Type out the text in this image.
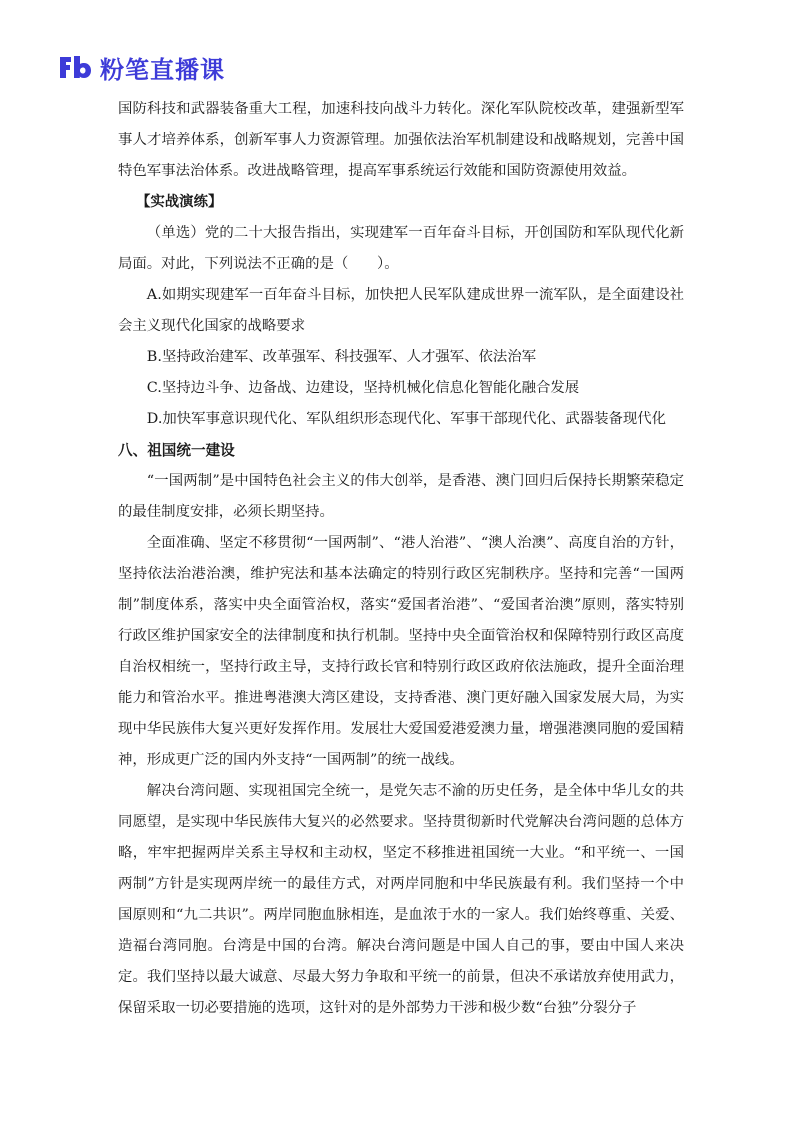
粉笔直播课

国防科技和武器装备重大工程，加速科技向战斗力转化。深化军队院校改革，建强新型军事人才培养体系，创新军事人力资源管理。加强依法治军机制建设和战略规划，完善中国特色军事法治体系。改进战略管理，提高军事系统运行效能和国防资源使用效益。

【实战演练】

（单选）党的二十大报告指出，实现建军一百年奋斗目标，开创国防和军队现代化新局面。对此，下列说法不正确的是（　　）。

A.如期实现建军一百年奋斗目标，加快把人民军队建成世界一流军队，是全面建设社会主义现代化国家的战略要求

B.坚持政治建军、改革强军、科技强军、人才强军、依法治军

C.坚持边斗争、边备战、边建设，坚持机械化信息化智能化融合发展

D.加快军事意识现代化、军队组织形态现代化、军事干部现代化、武器装备现代化

八、祖国统一建设

“一国两制”是中国特色社会主义的伟大创举，是香港、澳门回归后保持长期繁荣稳定的最佳制度安排，必须长期坚持。

全面准确、坚定不移贯彻“一国两制”、“港人治港”、“澳人治澳”、高度自治的方针，坚持依法治港治澳，维护宪法和基本法确定的特别行政区宪制秩序。坚持和完善“一国两制”制度体系，落实中央全面管治权，落实“爱国者治港”、“爱国者治澳”原则，落实特别行政区维护国家安全的法律制度和执行机制。坚持中央全面管治权和保障特别行政区高度自治权相统一，坚持行政主导，支持行政长官和特别行政区政府依法施政，提升全面治理能力和管治水平。推进粤港澳大湾区建设，支持香港、澳门更好融入国家发展大局，为实现中华民族伟大复兴更好发挥作用。发展壮大爱国爱港爱澳力量，增强港澳同胞的爱国精神，形成更广泛的国内外支持“一国两制”的统一战线。

解决台湾问题、实现祖国完全统一，是党矢志不渝的历史任务，是全体中华儿女的共同愿望，是实现中华民族伟大复兴的必然要求。坚持贯彻新时代党解决台湾问题的总体方略，牢牢把握两岸关系主导权和主动权，坚定不移推进祖国统一大业。“和平统一、一国两制”方针是实现两岸统一的最佳方式，对两岸同胞和中华民族最有利。我们坚持一个中国原则和“九二共识”。两岸同胞血脉相连，是血浓于水的一家人。我们始终尊重、关爱、造福台湾同胞。台湾是中国的台湾。解决台湾问题是中国人自己的事，要由中国人来决定。我们坚持以最大诚意、尽最大努力争取和平统一的前景，但决不承诺放弃使用武力，保留采取一切必要措施的选项，这针对的是外部势力干涉和极少数“台独”分裂分子
